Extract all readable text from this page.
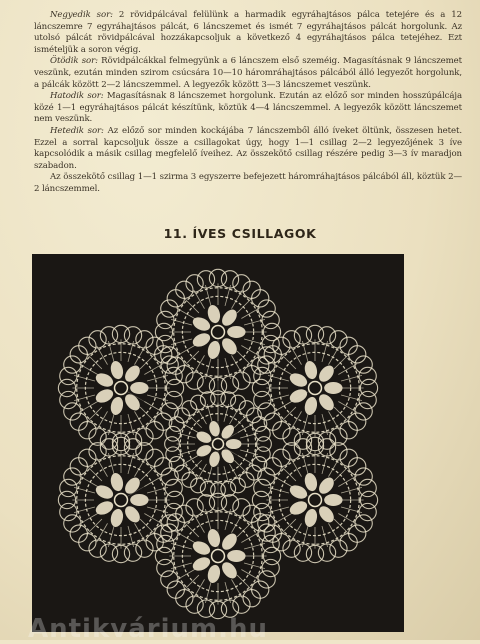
Negyedik sor: 2 rövidpálcával felülünk a harmadik egyráhajtásos pálca tetejére és a 12 láncszemre 7 egyráhajtásos pálcát, 6 láncszemet és ismét 7 egyráhajtásos pálcát horgolunk. Az utolsó pálcát rövidpálcával hozzákapcsoljuk a következő 4 egyráhajtásos pálca tetejéhez. Ezt ismételjük a soron végig.

Ötödik sor: Rövidpálcákkal felmegyünk a 6 láncszem első szeméig. Magasításnak 9 láncszemet veszünk, ezután minden szirom csúcsára 10—10 háromráhajtásos pálcából álló legyezőt horgolunk, a pálcák között 2—2 láncszemmel. A legyezők között 3—3 láncszemet veszünk.

Hatodik sor: Magasításnak 8 láncszemet horgolunk. Ezután az előző sor minden hosszúpálcája közé 1—1 egyráhajtásos pálcát készítünk, köztük 4—4 láncszemmel. A legyezők között láncszemet nem veszünk.

Hetedik sor: Az előző sor minden kockájába 7 láncszemből álló íveket öltünk, összesen hetet. Ezzel a sorral kapcsoljuk össze a csillagokat úgy, hogy 1—1 csillag 2—2 legyezőjének 3 íve kapcsolódik a másik csillag megfelelő íveihez. Az összekötő csillag részére pedig 3—3 ív maradjon szabadon.

Az összekötő csillag 1—1 szirma 3 egyszerre befejezett háromráhajtásos pálcából áll, köztük 2—2 láncszemmel.

11. ÍVES CSILLAGOK
Antikvárium.hu
